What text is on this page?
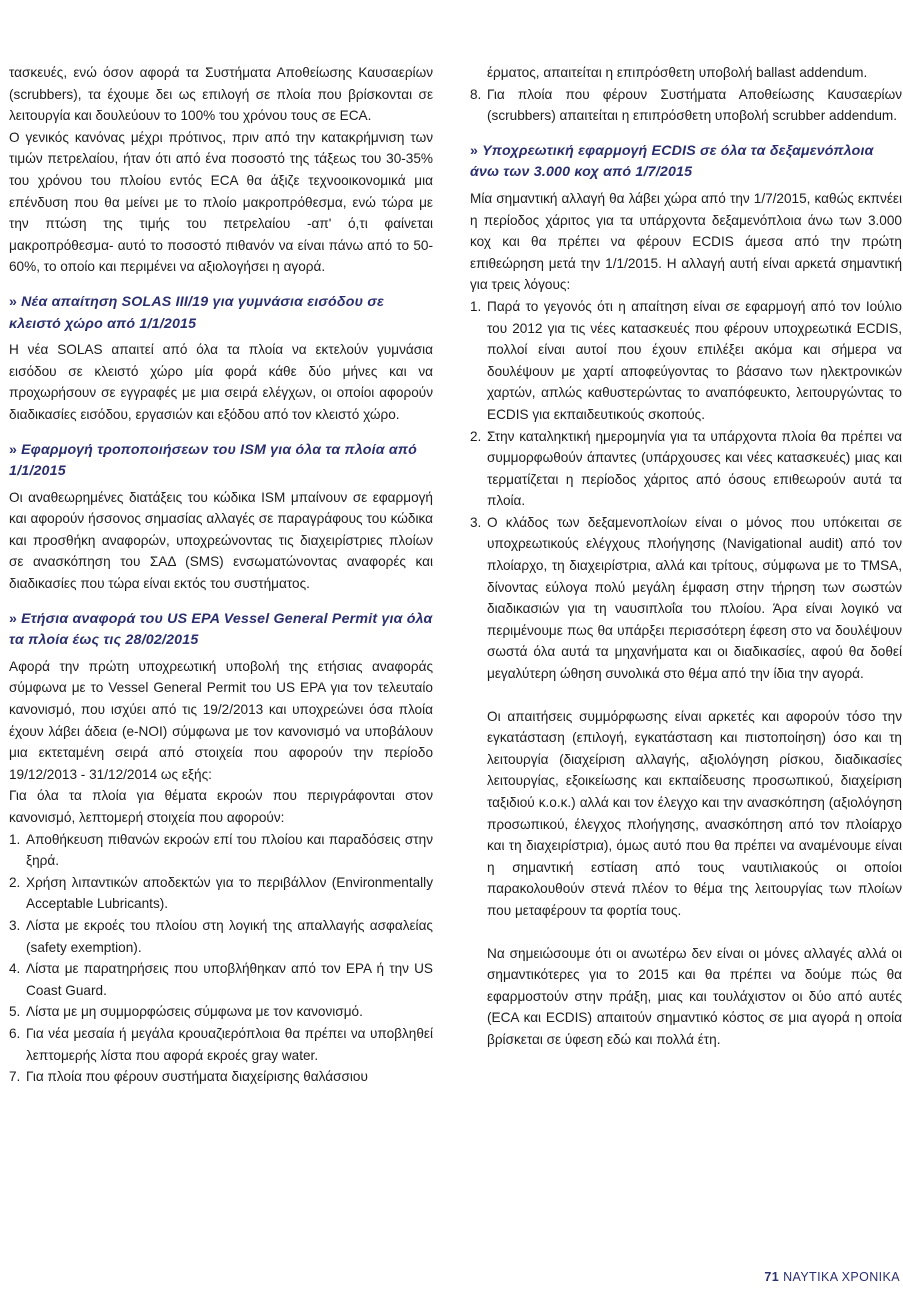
τασκευές, ενώ όσον αφορά τα Συστήματα Αποθείωσης Καυσαερίων (scrubbers), τα έχουμε δει ως επιλογή σε πλοία που βρίσκονται σε λειτουργία και δουλεύουν το 100% του χρόνου τους σε ECA.

Ο γενικός κανόνας μέχρι πρότινος, πριν από την κατακρήμνιση των τιμών πετρελαίου, ήταν ότι από ένα ποσοστό της τάξεως του 30-35% του χρόνου του πλοίου εντός ECA θα άξιζε τεχνοοικονομικά μια επένδυση που θα μείνει με το πλοίο μακροπρόθεσμα, ενώ τώρα με την πτώση της τιμής του πετρελαίου -απ' ό,τι φαίνεται μακροπρόθεσμα- αυτό το ποσοστό πιθανόν να είναι πάνω από το 50-60%, το οποίο και περιμένει να αξιολογήσει η αγορά.

» Νέα απαίτηση SOLAS III/19 για γυμνάσια εισόδου σε κλειστό χώρο από 1/1/2015

Η νέα SOLAS απαιτεί από όλα τα πλοία να εκτελούν γυμνάσια εισόδου σε κλειστό χώρο μία φορά κάθε δύο μήνες και να προχωρήσουν σε εγγραφές με μια σειρά ελέγχων, οι οποίοι αφορούν διαδικασίες εισόδου, εργασιών και εξόδου από τον κλειστό χώρο.

» Εφαρμογή τροποποιήσεων του ISM για όλα τα πλοία από 1/1/2015

Οι αναθεωρημένες διατάξεις του κώδικα ISM μπαίνουν σε εφαρμογή και αφορούν ήσσονος σημασίας αλλαγές σε παραγράφους του κώδικα και προσθήκη αναφορών, υποχρεώνοντας τις διαχειρίστριες πλοίων σε ανασκόπηση του ΣΑΔ (SMS) ενσωματώνοντας αναφορές και διαδικασίες που τώρα είναι εκτός του συστήματος.

» Ετήσια αναφορά του US EPA Vessel General Permit για όλα τα πλοία έως τις 28/02/2015

Αφορά την πρώτη υποχρεωτική υποβολή της ετήσιας αναφοράς σύμφωνα με το Vessel General Permit του US EPA για τον τελευταίο κανονισμό, που ισχύει από τις 19/2/2013 και υποχρεώνει όσα πλοία έχουν λάβει άδεια (e-NOI) σύμφωνα με τον κανονισμό να υποβάλουν μια εκτεταμένη σειρά από στοιχεία που αφορούν την περίοδο 19/12/2013 - 31/12/2014 ως εξής:

Για όλα τα πλοία για θέματα εκροών που περιγράφονται στον κανονισμό, λεπτομερή στοιχεία που αφορούν:

1. Αποθήκευση πιθανών εκροών επί του πλοίου και παραδόσεις στην ξηρά.
2. Χρήση λιπαντικών αποδεκτών για το περιβάλλον (Environmentally Acceptable Lubricants).
3. Λίστα με εκροές του πλοίου στη λογική της απαλλαγής ασφαλείας (safety exemption).
4. Λίστα με παρατηρήσεις που υποβλήθηκαν από τον EPA ή την US Coast Guard.
5. Λίστα με μη συμμορφώσεις σύμφωνα με τον κανονισμό.
6. Για νέα μεσαία ή μεγάλα κρουαζιερόπλοια θα πρέπει να υποβληθεί λεπτομερής λίστα που αφορά εκροές gray water.
7. Για πλοία που φέρουν συστήματα διαχείρισης θαλάσσιου

έρματος, απαιτείται η επιπρόσθετη υποβολή ballast addendum.

8. Για πλοία που φέρουν Συστήματα Αποθείωσης Καυσαερίων (scrubbers) απαιτείται η επιπρόσθετη υποβολή scrubber addendum.
» Υποχρεωτική εφαρμογή ECDIS σε όλα τα δεξαμενόπλοια άνω των 3.000 κοχ από 1/7/2015

Μία σημαντική αλλαγή θα λάβει χώρα από την 1/7/2015, καθώς εκπνέει η περίοδος χάριτος για τα υπάρχοντα δεξαμενόπλοια άνω των 3.000 κοχ και θα πρέπει να φέρουν ECDIS άμεσα από την πρώτη επιθεώρηση μετά την 1/1/2015. Η αλλαγή αυτή είναι αρκετά σημαντική για τρεις λόγους:

1. Παρά το γεγονός ότι η απαίτηση είναι σε εφαρμογή από τον Ιούλιο του 2012 για τις νέες κατασκευές που φέρουν υποχρεωτικά ECDIS, πολλοί είναι αυτοί που έχουν επιλέξει ακόμα και σήμερα να δουλέψουν με χαρτί αποφεύγοντας το βάσανο των ηλεκτρονικών χαρτών, απλώς καθυστερώντας το αναπόφευκτο, λειτουργώντας το ECDIS για εκπαιδευτικούς σκοπούς.
2. Στην καταληκτική ημερομηνία για τα υπάρχοντα πλοία θα πρέπει να συμμορφωθούν άπαντες (υπάρχουσες και νέες κατασκευές) μιας και τερματίζεται η περίοδος χάριτος από όσους επιθεωρούν αυτά τα πλοία.
3. Ο κλάδος των δεξαμενοπλοίων είναι ο μόνος που υπόκειται σε υποχρεωτικούς ελέγχους πλοήγησης (Navigational audit) από τον πλοίαρχο, τη διαχειρίστρια, αλλά και τρίτους, σύμφωνα με το TMSA, δίνοντας εύλογα πολύ μεγάλη έμφαση στην τήρηση των σωστών διαδικασιών για τη ναυσιπλοΐα του πλοίου. Άρα είναι λογικό να περιμένουμε πως θα υπάρξει περισσότερη έφεση στο να δουλέψουν σωστά όλα αυτά τα μηχανήματα και οι διαδικασίες, αφού θα δοθεί μεγαλύτερη ώθηση συνολικά στο θέμα από την ίδια την αγορά.

Οι απαιτήσεις συμμόρφωσης είναι αρκετές και αφορούν τόσο την εγκατάσταση (επιλογή, εγκατάσταση και πιστοποίηση) όσο και τη λειτουργία (διαχείριση αλλαγής, αξιολόγηση ρίσκου, διαδικασίες λειτουργίας, εξοικείωσης και εκπαίδευσης προσωπικού, διαχείριση ταξιδιού κ.ο.κ.) αλλά και τον έλεγχο και την ανασκόπηση (αξιολόγηση προσωπικού, έλεγχος πλοήγησης, ανασκόπηση από τον πλοίαρχο και τη διαχειρίστρια), όμως αυτό που θα πρέπει να αναμένουμε είναι η σημαντική εστίαση από τους ναυτιλιακούς οι οποίοι παρακολουθούν στενά πλέον το θέμα της λειτουργίας των πλοίων που μεταφέρουν τα φορτία τους.

Να σημειώσουμε ότι οι ανωτέρω δεν είναι οι μόνες αλλαγές αλλά οι σημαντικότερες για το 2015 και θα πρέπει να δούμε πώς θα εφαρμοστούν στην πράξη, μιας και τουλάχιστον οι δύο από αυτές (ECA και ECDIS) απαιτούν σημαντικό κόστος σε μια αγορά η οποία βρίσκεται σε ύφεση εδώ και πολλά έτη.

71 ΝΑΥΤΙΚΑ ΧΡΟΝΙΚΑ
